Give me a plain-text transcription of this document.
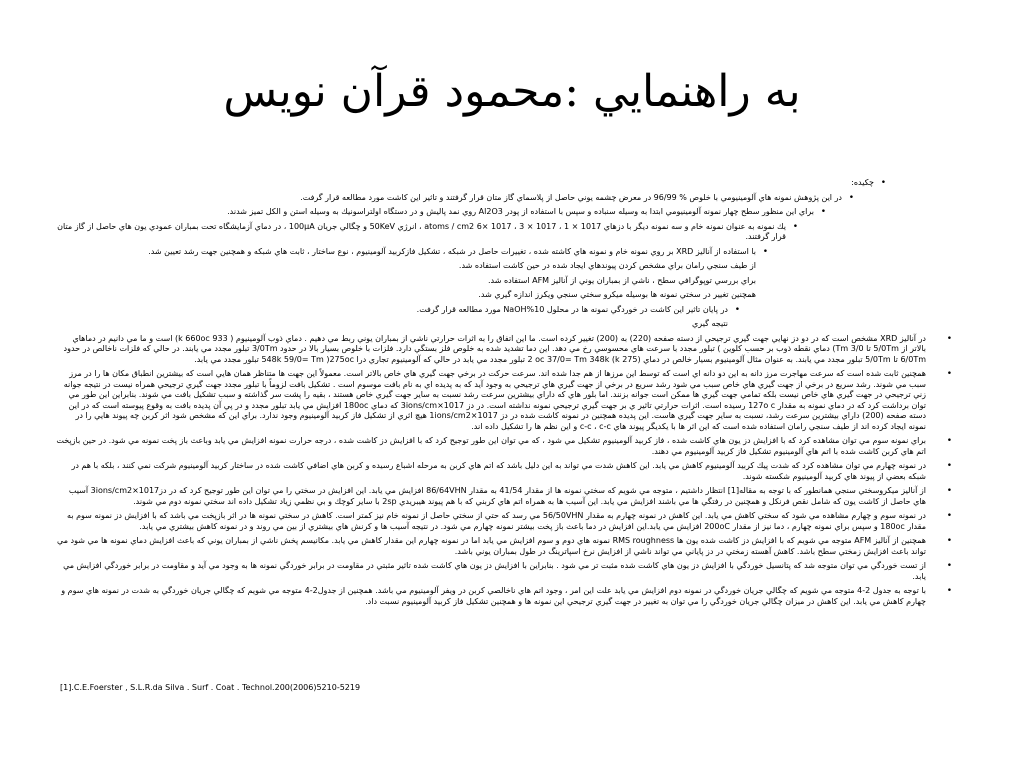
به راهنمايي :محمود قرآن نويس
•
چكيده:
•
در اين پژوهش نمونه هاي آلومينيومي با خلوص % 96/99 در معرض چشمه يوني حاصل از پلاسماي گاز متان قرار گرفتند و تاثير اين كاشت مورد مطالعه قرار گرفت.
•
براي اين منظور سطح چهار نمونه آلومينيومي ابتدا به وسيله سنباده و سپس با استفاده از پودر Al2O3 روي نمد پاليش و در دستگاه اولتراسونيك به وسيله استن و الكل تميز شدند.
•
يك نمونه به عنوان نمونه خام و سه نمونه ديگر با دزهاي 1017 × 1 ، 1017 × 3 ، 1017 ×6 atoms / cm2 ، انرژي 50KeV و چگالي جريان 100µA ، در دماي آزمايشگاه تحت بمباران عمودي يون هاي حاصل از گاز متان قرار گرفتند.
•
با استفاده از آناليز XRD بر روي نمونه خام و نمونه هاي كاشته شده ، تغييرات حاصل در شبكه ، تشكيل فازكربيد آلومينيوم ، نوع ساختار ، ثابت هاي شبكه و همچنين جهت رشد تعيين شد.
از طيف سنجي رامان براي مشخص كردن پيوندهاي ايجاد شده در حين كاشت استفاده شد.
براي بررسي توپوگرافي سطح ، ناشي از بمباران يوني از آناليز AFM استفاده شد.
همچنين تغيير در سختي نمونه ها بوسيله ميكرو سختي سنجي ويكرز اندازه گيري شد.
•
در پايان تاثير اين كاشت در خوردگي نمونه ها در محلول NaOH%10 مورد مطالعه قرار گرفت.
نتيجه گيري
•
در آناليز XRD مشخص است كه در دو دز نهايي جهت گيري ترجيحي از دسته صفحه (220) به (200) تغيير كرده است. ما اين اتفاق را به اثرات حرارتي ناشي از بمباران يوني ربط مي دهيم . دماي ذوب آلومينيوم ( 933 k 660oc) است و ما مي دانيم در دماهاي بالاتر از 5/0Tm تا 3/0 Tm) دماي نقطه ذوب بر حسب كلوين ) تبلور مجدد با سرعت هاي محسوسي رخ مي دهد. اين دما تشديد شده به خلوص فلز بستگي دارد. فلزات با خلوص بسيار بالا در حدود 3/0Tm تبلور مجدد مي يابند. در حالي كه فلزات ناخالص در حدود 6/0Tm تا 5/0Tm تبلور مجدد مي يابند. به عنوان مثال آلومينيوم بسيار خالص در دماي (275 k) 2 oc 37/0= Tm 348k تبلور مجدد مي يابد در حالي كه آلومينيوم تجاري درا 548k 59/0= Tm )275oc تبلور مجدد مي يابد.
•
همچنين ثابت شده است كه سرعت مهاجرت مرز دانه به اين دو دانه اي است كه توسط اين مرزها از هم جدا شده اند. سرعت حركت در برخي جهت گيري هاي خاص بالاتر است. معمولاً اين جهت ها متناظر همان هايي است كه بيشترين انطباق مكان ها را در مرز سبب مي شوند. رشد سريع در برخي از جهت گيري هاي خاص سبب مي شود رشد سريع در برخي از جهت گيري هاي ترجيحي به وجود آيد كه به پديده اي به نام بافت موسوم است . تشكيل بافت لزوماً با تبلور مجدد جهت گيري ترجيحي همراه نيست در نتيجه جوانه زني ترجيحي در جهت گيري هاي خاص نيست بلكه تمامي جهت گيري ها ممكن است جوانه بزنند. اما بلور هاي كه داراي بيشترين سرعت رشد نسبت به ساير جهت گيري خاص هستند ، بقيه را پشت سر گذاشته و سبب تشكيل بافت مي شوند. بنابراين اين طور مي توان برداشت كرد كه در دماي نمونه به مقدار 127o c رسيده است. اثرات حرارتي تاثير ي بر جهت گيري ترجيحي نمونه نداشته است. در دز 1017×3ions/cm كه دماي 180oc افزايش مي يابد تبلور مجدد و در پي آن پديده بافت به وقوع پيوسته است كه در اين دسته صفحه (200) داراي بيشترين سرعت رشد، نسبت به ساير جهت گيري هاست. اين پديده همچنين در نمونه كاشت شده در دز 1017×1ions/cm2 هيچ اثري از تشكيل فاز كربيد آلومينيوم وجود ندارد. براي اين كه مشخص شود اثر كربن چه پيوند هايي را در نمونه ايجاد كرده اند از طيف سنجي رامان استفاده شده است كه اين اثر ها با يكديگر پيوند هاي c-c ، c-c و اين نظم ها را تشكيل داده اند.
•
براي نمونه سوم مي توان مشاهده كرد كه با افزايش دز يون هاي كاشت شده ، فاز كربيد آلومينيوم تشكيل مي شود ، كه مي توان اين طور توجيح كرد كه با افزايش دز كاشت شده ، درجه حرارت نمونه افزايش مي يابد وباعث باز پخت نمونه مي شود. در حين بازپخت اتم هاي كربن كاشت شده با اتم هاي آلومينيوم تشكيل فاز كربيد آلومينيوم مي دهند.
•
در نمونه چهارم مي توان مشاهده كرد كه شدت پيك كربيد آلومينيوم كاهش مي يابد. اين كاهش شدت مي تواند به اين دليل باشد كه اتم هاي كربن به مرحله اشباع رسيده و كربن هاي اضافي كاشت شده در ساختار كربيد آلومينيوم شركت نمي كنند ، بلكه با هم در شبكه بعضي از پيوند هاي كربيد آلومينيوم شكسته شوند.
•
از آناليز ميكروسختي سنجي همانطور كه با توجه به مقاله[1] انتظار داشتيم ، متوجه مي شويم كه سختي نمونه ها از مقدار 41/54 به مقدار 86/64VHN افزايش مي يابد. اين افزايش در سختي را مي توان اين طور توجيح كرد كه در دز1017×3ions/cm2 آسيب هاي حاصل از كاشت يون كه شامل نقص فرنكل و همچنين در رفتگي ها مي باشند افزايش مي يابد. اين آسيب ها به همراه اتم هاي كربني كه با هم پيوند هيبريدي 2sp با ساير كوچك و بي نظمي زياد تشكيل داده اند سختي نمونه دوم مي شوند.
•
در نمونه سوم و چهارم مشاهده مي شود كه سختي كاهش مي يابد. اين كاهش در نمونه چهارم به مقدار 56/50VHN مي رسد كه حتي از سختي حاصل از نمونه خام نيز كمتر است. كاهش در سختي نمونه ها در اثر بازپخت مي باشد كه با افزايش دز نمونه سوم به مقدار 180oc و سپس براي نمونه چهارم ، دما نيز از مقدار 200oC افزايش مي يابد.اين افزايش در دما باعث باز پخت بيشتر نمونه چهارم مي شود. در نتيجه آسيب ها و كرنش هاي بيشتري از بين مي روند و در نمونه كاهش بيشتري مي يابد.
•
همچنين از آناليز AFM متوجه مي شويم كه با افزايش دز كاشت شده يون ها RMS roughness نمونه هاي دوم و سوم افزايش مي يابد اما در نمونه چهارم اين مقدار كاهش مي يابد. مكانيسم پخش ناشي از بمباران يوني كه باعث افزايش دماي نمونه ها مي شود مي تواند باعث افزايش زمختي سطح باشد. كاهش آهسته زمختي در دز پاياني مي تواند ناشي از افزايش نرخ اسپاترينگ در طول بمباران يوني باشد.
•
از تست خوردگي مي توان متوجه شد كه پتانسيل خوردگي با افزايش دز يون هاي كاشت شده مثبت تر مي شود . بنابراين با افزايش دز يون هاي كاشت شده تاثير مثبتي در مقاومت در برابر خوردگي نمونه ها به وجود مي آيد و مقاومت در برابر خوردگي افزايش مي يابد.
•
با توجه به جدول 2-4 متوجه مي شويم كه چگالي جريان خوردگي در نمونه دوم افزايش مي يابد علت اين امر ، وجود اتم هاي ناخالصي كربن در ويفر آلومينيوم مي باشد. همچنين از جدول2-4 متوجه مي شويم كه چگالي جريان خوردگي به شدت در نمونه هاي سوم و چهارم كاهش مي يابد. اين كاهش در ميزان چگالي جريان خوردگي را مي توان به تغيير در جهت گيري ترجيحي اين نمونه ها و همچنين تشكيل فاز كربيد آلومينيوم نسبت داد.
[1].C.E.Foerster , S.L.R.da Silva . Surf . Coat . Technol.200(2006)5210-5219
